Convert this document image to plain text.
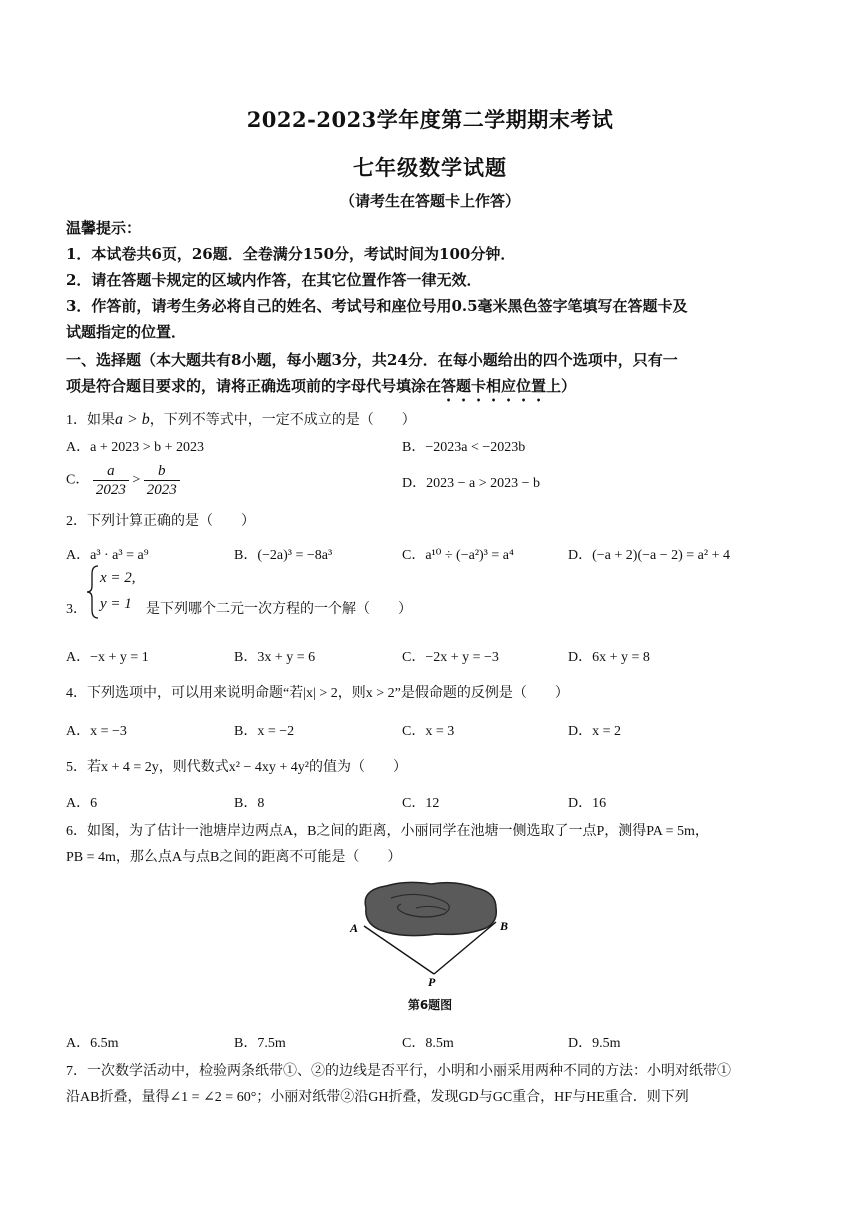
2022-2023学年度第二学期期末考试
七年级数学试题
（请考生在答题卡上作答）
温馨提示：
1．本试卷共6页，26题．全卷满分150分，考试时间为100分钟．
2．请在答题卡规定的区域内作答，在其它位置作答一律无效．
3．作答前，请考生务必将自己的姓名、考试号和座位号用0.5毫米黑色签字笔填写在答题卡及
试题指定的位置．
一、选择题（本大题共有8小题，每小题3分，共24分．在每小题给出的四个选项中，只有一
项是符合题目要求的，请将正确选项前的字母代号填涂在答题卡相应位置上）
1．如果a > b，下列不等式中，一定不成立的是（　　）
A．a + 2023 > b + 2023	B．−2023a < −2023b
C． $\frac{a}{2023} > \frac{b}{2023}$	D．2023 − a > 2023 − b
2．下列计算正确的是（　　）
A．a³ · a³ = a⁹	B．(−2a)³ = −8a³	C．a¹⁰ ÷ (−a²)³ = a⁴	D．(−a + 2)(−a − 2) = a² + 4
3．
x = 2,
y = 1 是下列哪个二元一次方程的一个解（　　）
A．−x + y = 1	B．3x + y = 6	C．−2x + y = −3	D．6x + y = 8
4．下列选项中，可以用来说明命题“若|x| > 2，则x > 2”是假命题的反例是（　　）
A．x = −3	B．x = −2	C．x = 3	D．x = 2
5．若x + 4 = 2y，则代数式x² − 4xy + 4y²的值为（　　）
A．6	B．8	C．12	D．16
6．如图，为了估计一池塘岸边两点A，B之间的距离，小丽同学在池塘一侧选取了一点P，测得PA = 5m，
PB = 4m，那么点A与点B之间的距离不可能是（　　）
A	B
P
第6题图
A．6.5m	B．7.5m	C．8.5m	D．9.5m
7．一次数学活动中，检验两条纸带①、②的边线是否平行，小明和小丽采用两种不同的方法：小明对纸带①
沿AB折叠，量得∠1 = ∠2 = 60°；小丽对纸带②沿GH折叠，发现GD与GC重合，HF与HE重合．则下列
